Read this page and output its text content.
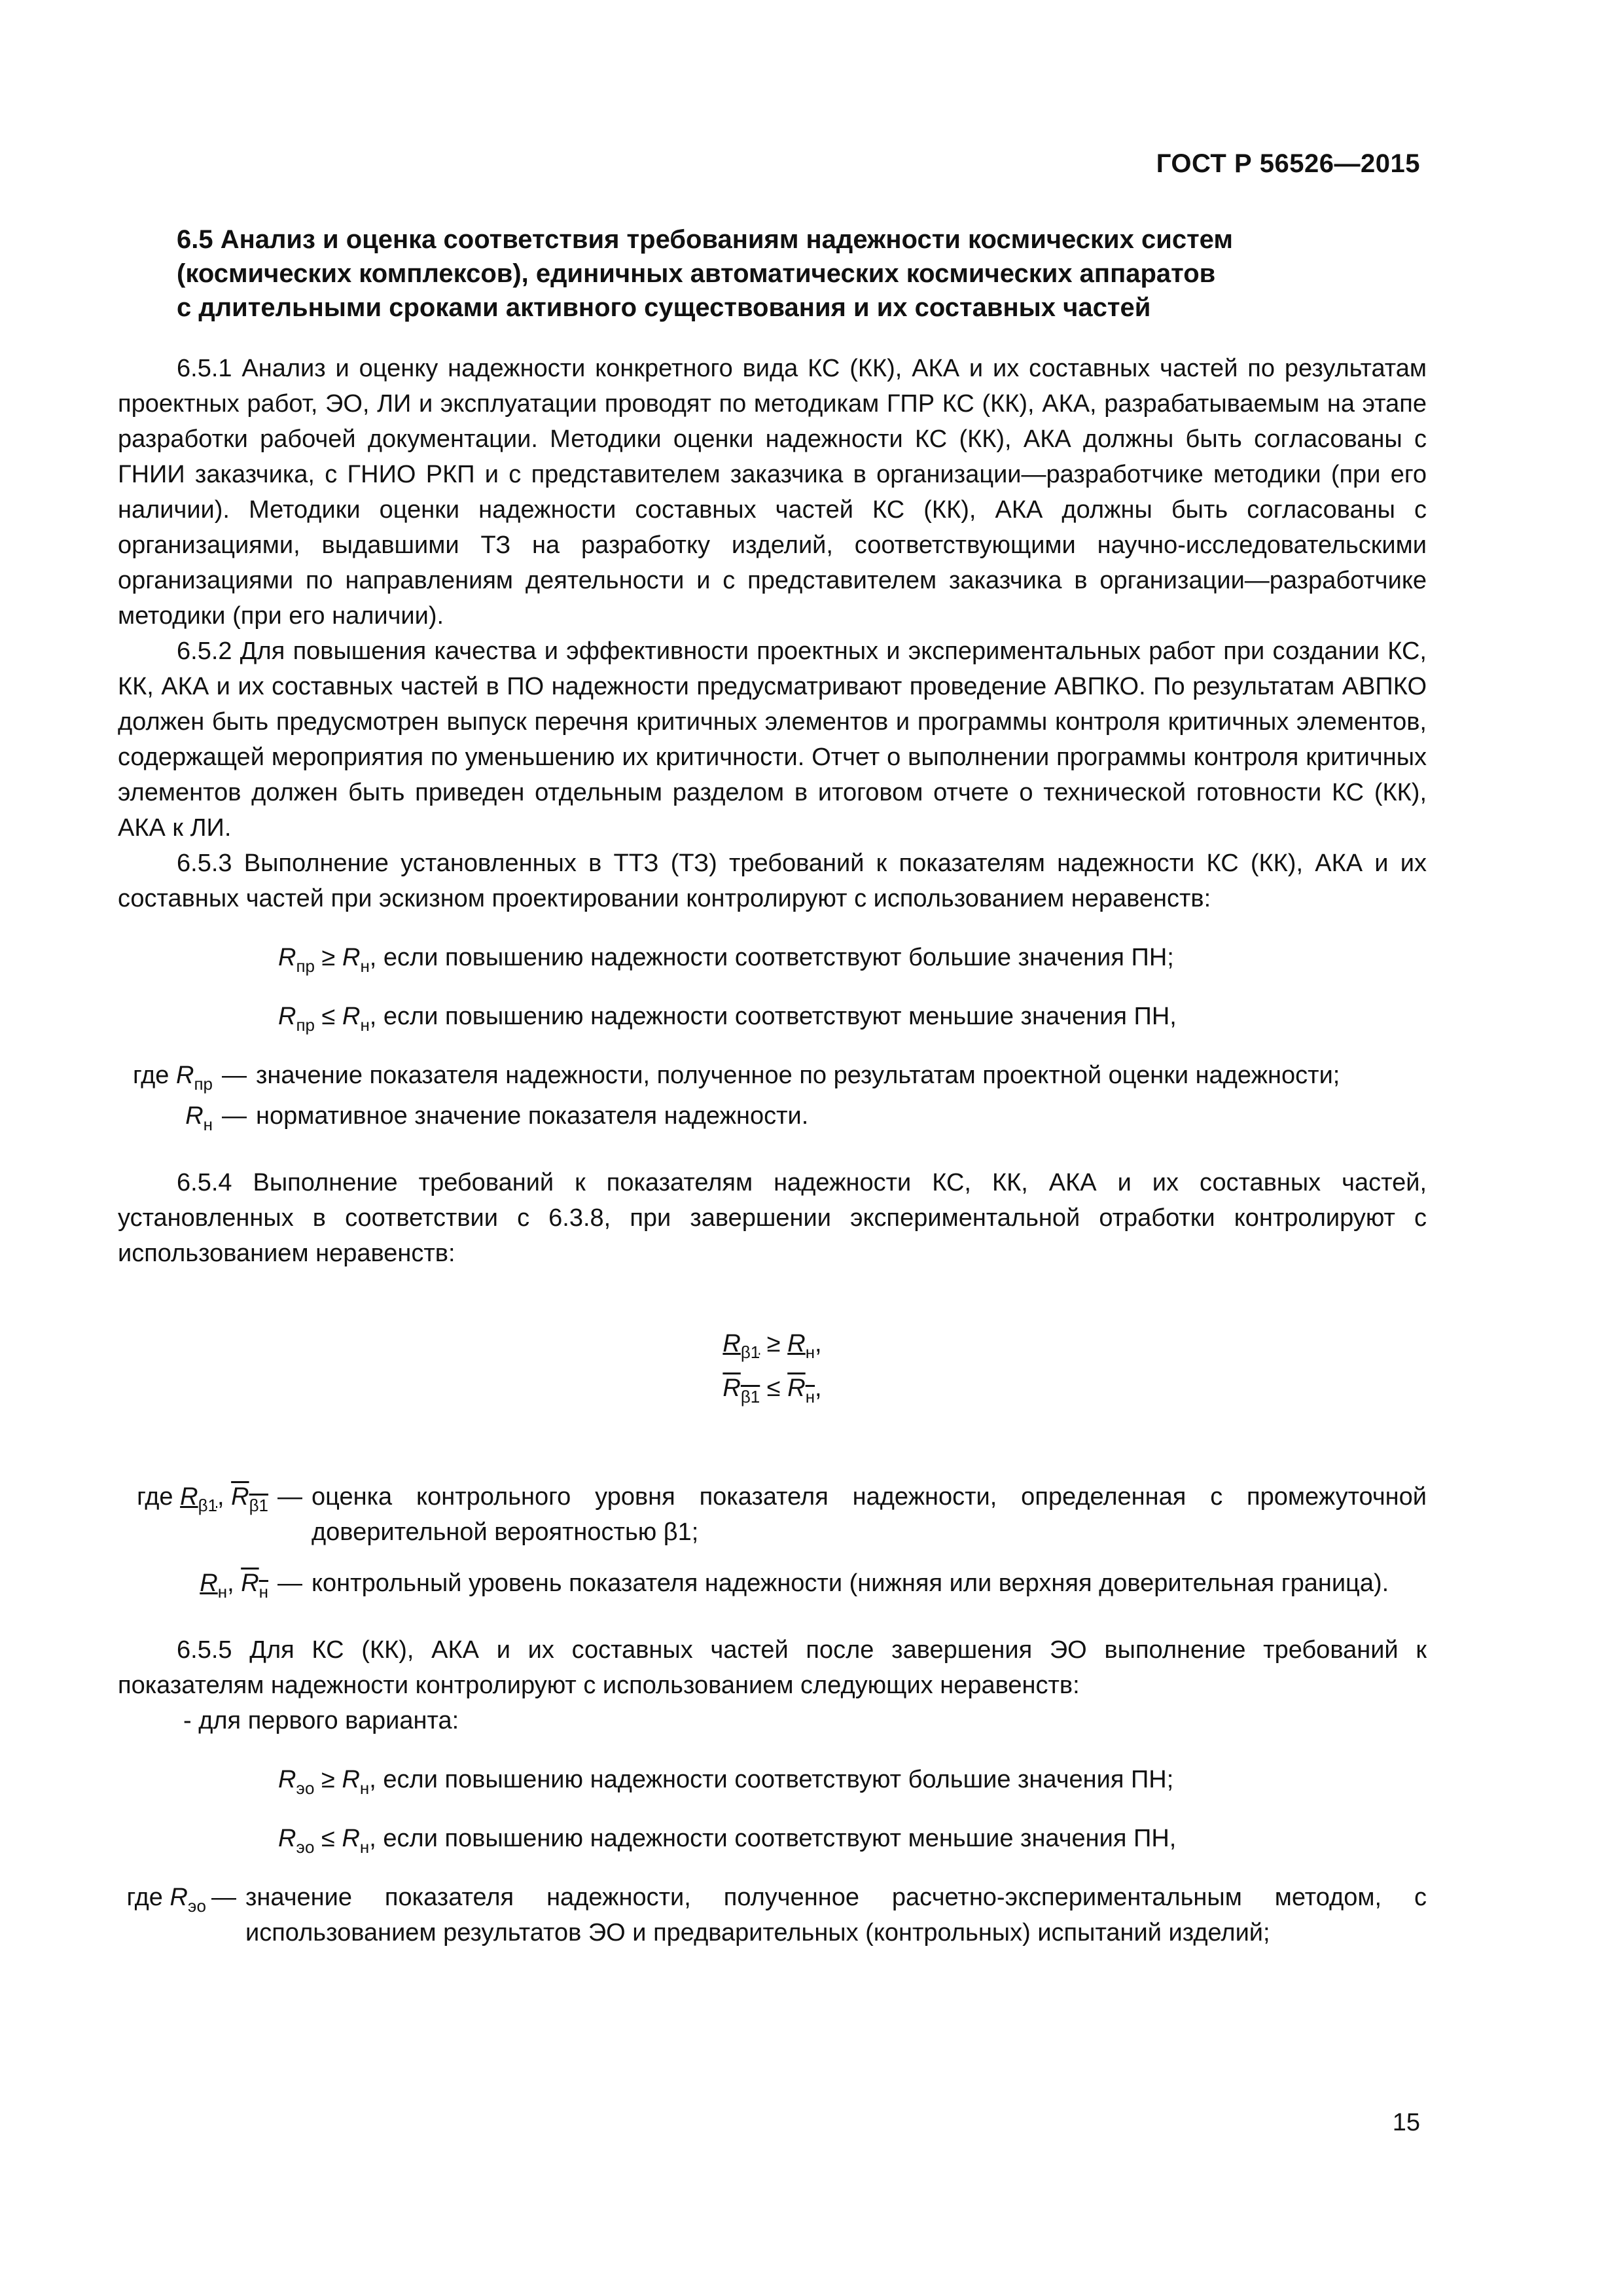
ГОСТ Р 56526—2015
6.5 Анализ и оценка соответствия требованиям надежности космических систем
(космических комплексов), единичных автоматических космических аппаратов
с длительными сроками активного существования и их составных частей

6.5.1 Анализ и оценку надежности конкретного вида КС (КК), АКА и их составных частей по результатам проектных работ, ЭО, ЛИ и эксплуатации проводят по методикам ГПР КС (КК), АКА, разрабатываемым на этапе разработки рабочей документации. Методики оценки надежности КС (КК), АКА должны быть согласованы с ГНИИ заказчика, с ГНИО РКП и с представителем заказчика в организации—разработчике методики (при его наличии). Методики оценки надежности составных частей КС (КК), АКА должны быть согласованы с организациями, выдавшими ТЗ на разработку изделий, соответствующими научно-исследовательскими организациями по направлениям деятельности и с представителем заказчика в организации—разработчике методики (при его наличии).

6.5.2 Для повышения качества и эффективности проектных и экспериментальных работ при создании КС, КК, АКА и их составных частей в ПО надежности предусматривают проведение АВПКО. По результатам АВПКО должен быть предусмотрен выпуск перечня критичных элементов и программы контроля критичных элементов, содержащей мероприятия по уменьшению их критичности. Отчет о выполнении программы контроля критичных элементов должен быть приведен отдельным разделом в итоговом отчете о технической готовности КС (КК), АКА к ЛИ.

6.5.3 Выполнение установленных в ТТЗ (ТЗ) требований к показателям надежности КС (КК), АКА и их составных частей при эскизном проектировании контролируют с использованием неравенств:

$R_{пр} \ge R_н$, если повышению надежности соответствуют большие значения ПН;
$R_{пр} \le R_н$, если повышению надежности соответствуют меньшие значения ПН,
где $R_{пр}$ — значение показателя надежности, полученное по результатам проектной оценки надежности;
$R_н$ — нормативное значение показателя надежности.

6.5.4 Выполнение требований к показателям надежности КС, КК, АКА и их составных частей, установленных в соответствии с 6.3.8, при завершении экспериментальной отработки контролируют с использованием неравенств:

$R_{\beta 1} \ge R_н$,
$R_{\beta 1} \le R_н$,
где $R_{\beta 1}$, $R_{\beta 1}$ — оценка контрольного уровня показателя надежности, определенная с промежуточной доверительной вероятностью β1;
$R_н$, $R_н$ — контрольный уровень показателя надежности (нижняя или верхняя доверительная граница).

6.5.5 Для КС (КК), АКА и их составных частей после завершения ЭО выполнение требований к показателям надежности контролируют с использованием следующих неравенств:

- для первого варианта:

$R_{эо} \ge R_н$, если повышению надежности соответствуют большие значения ПН;
$R_{эо} \le R_н$, если повышению надежности соответствуют меньшие значения ПН,
где $R_{эо}$ — значение показателя надежности, полученное расчетно-экспериментальным методом, с использованием результатов ЭО и предварительных (контрольных) испытаний изделий;
15
